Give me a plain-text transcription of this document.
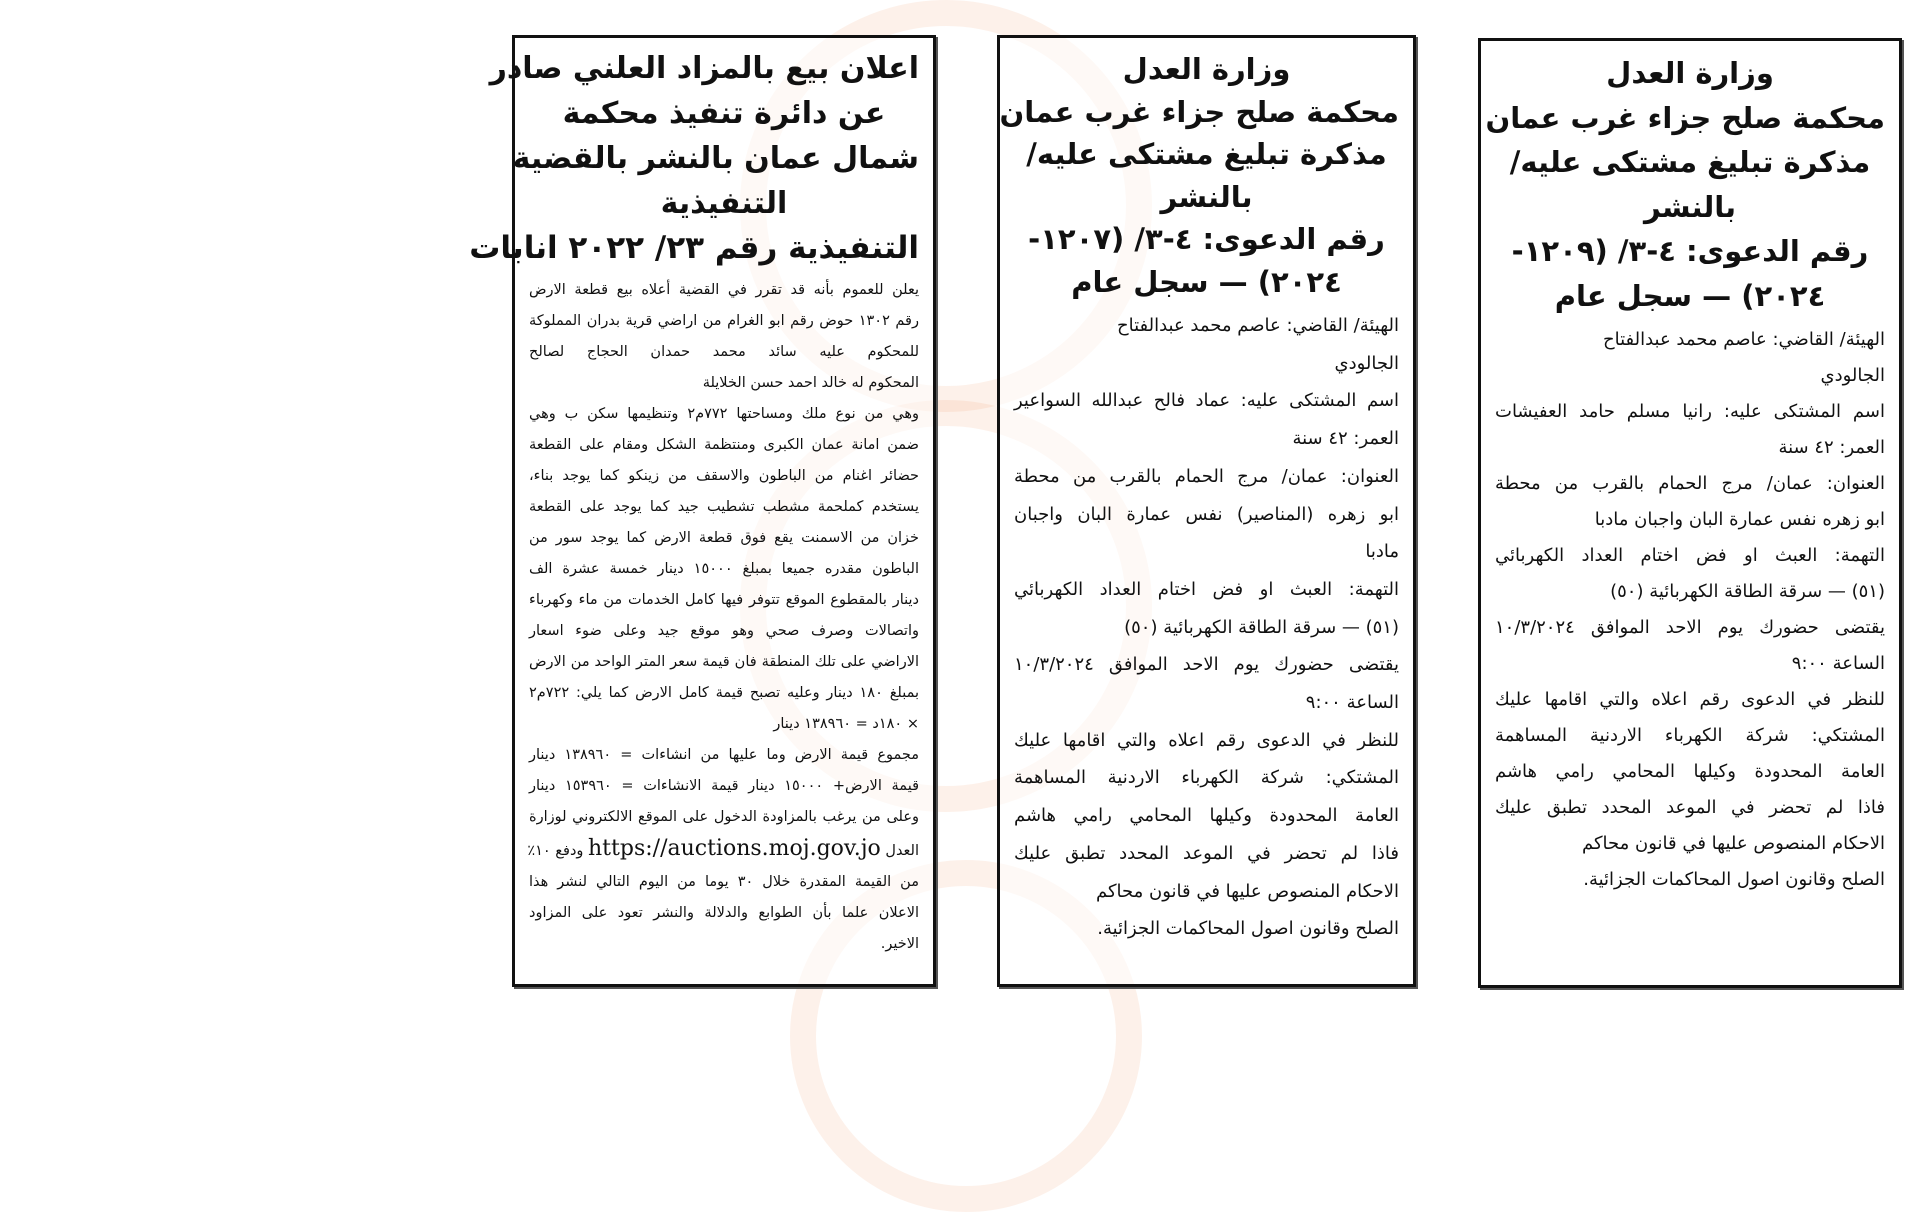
اعلان بيع بالمزاد العلني صادر
عن دائرة تنفيذ محكمة
شمال عمان بالنشر بالقضية
التنفيذية
التنفيذية رقم ٢٣/ ٢٠٢٢ انابات
يعلن للعموم بأنه قد تقرر في القضية أعلاه بيع قطعة الارض
رقم ١٣٠٢ حوض رقم ابو الغرام من اراضي قرية بدران المملوكة
للمحكوم عليه سائد محمد حمدان الحجاج لصالح
المحكوم له خالد احمد حسن الخلايلة
وهي من نوع ملك ومساحتها ٧٧٢م٢ وتنظيمها سكن ب وهي
ضمن امانة عمان الكبرى ومنتظمة الشكل ومقام على القطعة
حضائر اغنام من الباطون والاسقف من زينكو كما يوجد بناء،
يستخدم كملحمة مشطب تشطيب جيد كما يوجد على القطعة
خزان من الاسمنت يقع فوق قطعة الارض كما يوجد سور من
الباطون مقدره جميعا بمبلغ ١٥٠٠٠ دينار خمسة عشرة الف
دينار بالمقطوع الموقع تتوفر فيها كامل الخدمات من ماء وكهرباء
واتصالات وصرف صحي وهو موقع جيد وعلى ضوء اسعار
الاراضي على تلك المنطقة فان قيمة سعر المتر الواحد من الارض
بمبلغ ١٨٠ دينار وعليه تصبح قيمة كامل الارض كما يلي: ٧٢٢م٢
× ١٨٠د = ١٣٨٩٦٠ دينار
مجموع قيمة الارض وما عليها من انشاءات = ١٣٨٩٦٠ دينار
قيمة الارض+ ١٥٠٠٠ دينار قيمة الانشاءات = ١٥٣٩٦٠ دينار
وعلى من يرغب بالمزاودة الدخول على الموقع الالكتروني لوزارة
العدل https://auctions.moj.gov.jo ودفع ١٠٪
من القيمة المقدرة خلال ٣٠ يوما من اليوم التالي لنشر هذا
الاعلان علما بأن الطوابع والدلالة والنشر تعود على المزاود
الاخير.
وزارة العدل
محكمة صلح جزاء غرب عمان
مذكرة تبليغ مشتكى عليه/
بالنشر
رقم الدعوى: ٤-٣/ (١٢٠٧-
٢٠٢٤) — سجل عام
الهيئة/ القاضي: عاصم محمد عبدالفتاح
الجالودي
اسم المشتكى عليه: عماد فالح عبدالله السواعير
العمر: ٤٢ سنة
العنوان: عمان/ مرج الحمام بالقرب من محطة
ابو زهره (المناصير) نفس عمارة البان واجبان
مادبا
التهمة: العبث او فض اختام العداد الكهربائي
(٥١) — سرقة الطاقة الكهربائية (٥٠)
يقتضى حضورك يوم الاحد الموافق ١٠/٣/٢٠٢٤
الساعة ٩:٠٠
للنظر في الدعوى رقم اعلاه والتي اقامها عليك
المشتكي: شركة الكهرباء الاردنية المساهمة
العامة المحدودة وكيلها المحامي رامي هاشم
فاذا لم تحضر في الموعد المحدد تطبق عليك
الاحكام المنصوص عليها في قانون محاكم
الصلح وقانون اصول المحاكمات الجزائية.
وزارة العدل
محكمة صلح جزاء غرب عمان
مذكرة تبليغ مشتكى عليه/
بالنشر
رقم الدعوى: ٤-٣/ (١٢٠٩-
٢٠٢٤) — سجل عام
الهيئة/ القاضي: عاصم محمد عبدالفتاح
الجالودي
اسم المشتكى عليه: رانيا مسلم حامد العفيشات
العمر: ٤٢ سنة
العنوان: عمان/ مرج الحمام بالقرب من محطة
ابو زهره نفس عمارة البان واجبان مادبا
التهمة: العبث او فض اختام العداد الكهربائي
(٥١) — سرقة الطاقة الكهربائية (٥٠)
يقتضى حضورك يوم الاحد الموافق ١٠/٣/٢٠٢٤
الساعة ٩:٠٠
للنظر في الدعوى رقم اعلاه والتي اقامها عليك
المشتكي: شركة الكهرباء الاردنية المساهمة
العامة المحدودة وكيلها المحامي رامي هاشم
فاذا لم تحضر في الموعد المحدد تطبق عليك
الاحكام المنصوص عليها في قانون محاكم
الصلح وقانون اصول المحاكمات الجزائية.
